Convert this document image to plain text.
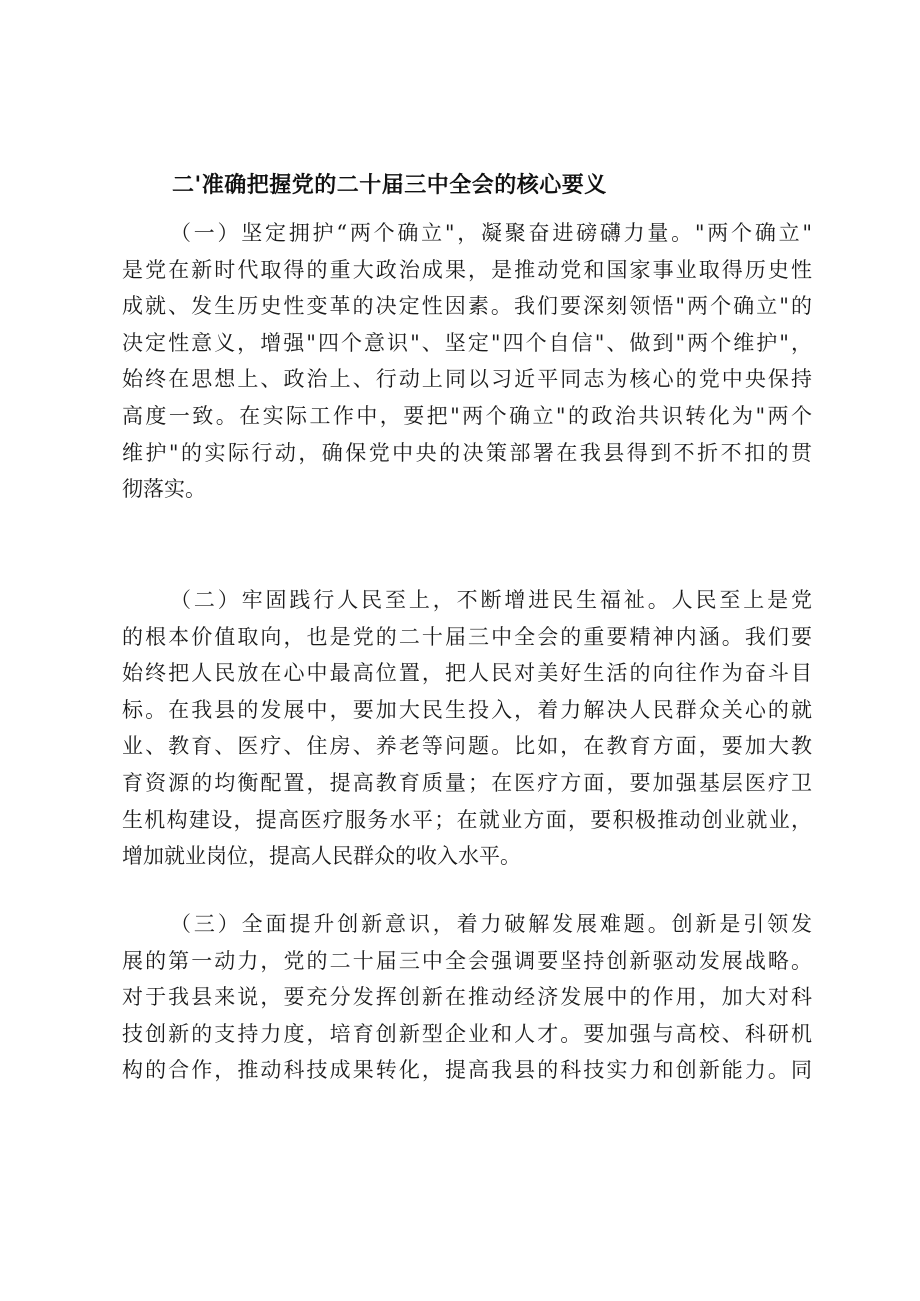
二'准确把握党的二十届三中全会的核心要义
（一）坚定拥护“两个确立"，凝聚奋进磅礴力量。"两个确立"
是党在新时代取得的重大政治成果，是推动党和国家事业取得历史性
成就、发生历史性变革的决定性因素。我们要深刻领悟"两个确立"的
决定性意义，增强"四个意识"、坚定"四个自信"、做到"两个维护"，
始终在思想上、政治上、行动上同以习近平同志为核心的党中央保持
高度一致。在实际工作中，要把"两个确立"的政治共识转化为"两个
维护"的实际行动，确保党中央的决策部署在我县得到不折不扣的贯
彻落实。
（二）牢固践行人民至上，不断增进民生福祉。人民至上是党
的根本价值取向，也是党的二十届三中全会的重要精神内涵。我们要
始终把人民放在心中最高位置，把人民对美好生活的向往作为奋斗目
标。在我县的发展中，要加大民生投入，着力解决人民群众关心的就
业、教育、医疗、住房、养老等问题。比如，在教育方面，要加大教
育资源的均衡配置，提高教育质量；在医疗方面，要加强基层医疗卫
生机构建设，提高医疗服务水平；在就业方面，要积极推动创业就业，
增加就业岗位，提高人民群众的收入水平。
（三）全面提升创新意识，着力破解发展难题。创新是引领发
展的第一动力，党的二十届三中全会强调要坚持创新驱动发展战略。
对于我县来说，要充分发挥创新在推动经济发展中的作用，加大对科
技创新的支持力度，培育创新型企业和人才。要加强与高校、科研机
构的合作，推动科技成果转化，提高我县的科技实力和创新能力。同
